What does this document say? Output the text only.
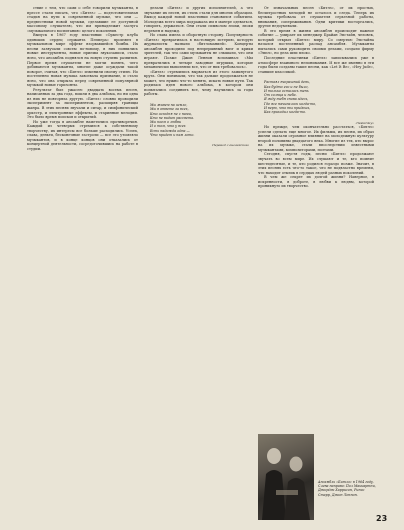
ствие с тем, что сами о себе говорили музыканты, в прессе стали писать, что «Битлз» — подготовительная стадия на пути к современной музыке, что они — предвестники новой музыки, сделавшие ее доступной массовому слушателю, что им принадлежит заслуга «музыкального воспитания» целого поколения.

Выпуск в 1967 году пластинки «Оркестр клуба одиноких сердец сержанта Пеппера» произвел в музыкальном мире эффект взорвавшейся бомбы. Их песни зазвучали совсем по-новому, в них появились новые инструменты, новые приемы звукозаписи, стало ясно, что ансамбль поднялся на новую ступень развития. Первое время слушатели не могли понять, чего добиваются музыканты, многие даже осуждали такой поворот, считая, что «Битлз» изменили своему стилю. Но постепенно новая музыка завоевала признание, и стало ясно, что она открыла перед современной популярной музыкой новые горизонты.

Результат был ужасен: двадцать восемь песен, написанных за два года, вошли в два альбома, но ни одна из них не повторяла другую. «Битлз» словно проводили эксперимент за экспериментом, расширяя границы жанра. В этих песнях звучали и ситар, и симфонический оркестр, и электронные эффекты, и старинные мелодии. Это было время поисков и открытий.

Но уже тогда в ансамбле наметились противоречия. Каждый из четверых стремился к собственному творчеству, их интересы все больше расходились. Успех, слава, деньги, бесконечные гастроли — все это утомляло музыкантов, и в конце концов они отказались от концертной деятельности, сосредоточившись на работе в студии.

делали «Битлз» и других исполнителей, а что звучание их песен, их стиль стали для многих образцом. Выход каждой новой пластинки становился событием. Молодежь всего мира подражала им в манере одеваться, говорить, держаться. Они стали символом эпохи, эпохи перемен и надежд.

Но слава имела и оборотную сторону. Популярность «Битлз» превратилась в настоящую истерию, которую журналисты назвали «битломанией». Концерты ансамбля проходили под непрерывный визг и крики зрителей, так что сами музыканты не слышали, что они играют. Позже Джон Леннон вспоминал: «Мы превратились в четыре заводные игрушки, которые механически выполняли все, что от них требовалось».

«Битлз» стремились вырваться из этого замкнутого круга. Они понимали, что так дальше продолжаться не может, что нужно что-то менять, искать новые пути. Так родилась идея нового альбома, в котором они попытались соединить все, чему научились за годы работы.

Мы живем на земле,
Мы в ответе за всех,
Кто сегодня не с нами,
Кто не видит рассвета.
Мы поем о любви
И о том, что у всех
Есть надежда одна —
Что придет к нам лето.
Перевод с английского

От изначальных песен «Битлз», от их простых, бесхитростных мелодий не осталось и следа. Теперь их музыка требовала от слушателя серьезной работы, внимания, сопереживания. Одни критики восторгались, другие недоумевали.

В это время в жизни ансамбля происходит важное событие — умирает их менеджер Брайан Эпстайн, человек, который открыл «Битлз» миру. Со смертью Эпстайна начался постепенный распад ансамбля. Музыканты пытались сами руководить своими делами, создали фирму «Эппл», но дела шли плохо.

Последние пластинки «Битлз» записывались уже в атмосфере взаимного непонимания. И все же именно в эти годы были созданы такие песни, как «Let It Be», «Hey Jude», ставшие классикой.

Растаял вчерашний день,
Как будто его и не было,
И только осталась тень
От солнца и неба.
Я жду тебя снова здесь,
Где все начиналось когда-то,
И верю, что ты придешь,
Как приходил когда-то.
«Yesterday»

Но прежде, чем окончательно расстаться, «Битлз» успели сделать еще многое. Их фильмы, их песни, их образ жизни оказали огромное влияние на молодежную культуру второй половины двадцатого века. Многие из тех, кто вырос на их музыке, стали впоследствии известными музыкантами, композиторами, поэтами.

Сегодня, спустя годы, песни «Битлз» продолжают звучать во всем мире. Их слушают и те, кто помнит шестидесятые, и те, кто родился гораздо позже. Значит, в этих песнях есть что-то такое, что не подвластно времени, что находит отклик в сердцах людей разных поколений.

В чем же секрет их долгой жизни? Наверное, в искренности, в доброте, в любви к людям, которой проникнуто их творчество.

Ансамбль «Битлз» в 1964 году. Слева направо: Пол Маккартни, Джордж Харрисон, Ринго Старр, Джон Леннон.
23
